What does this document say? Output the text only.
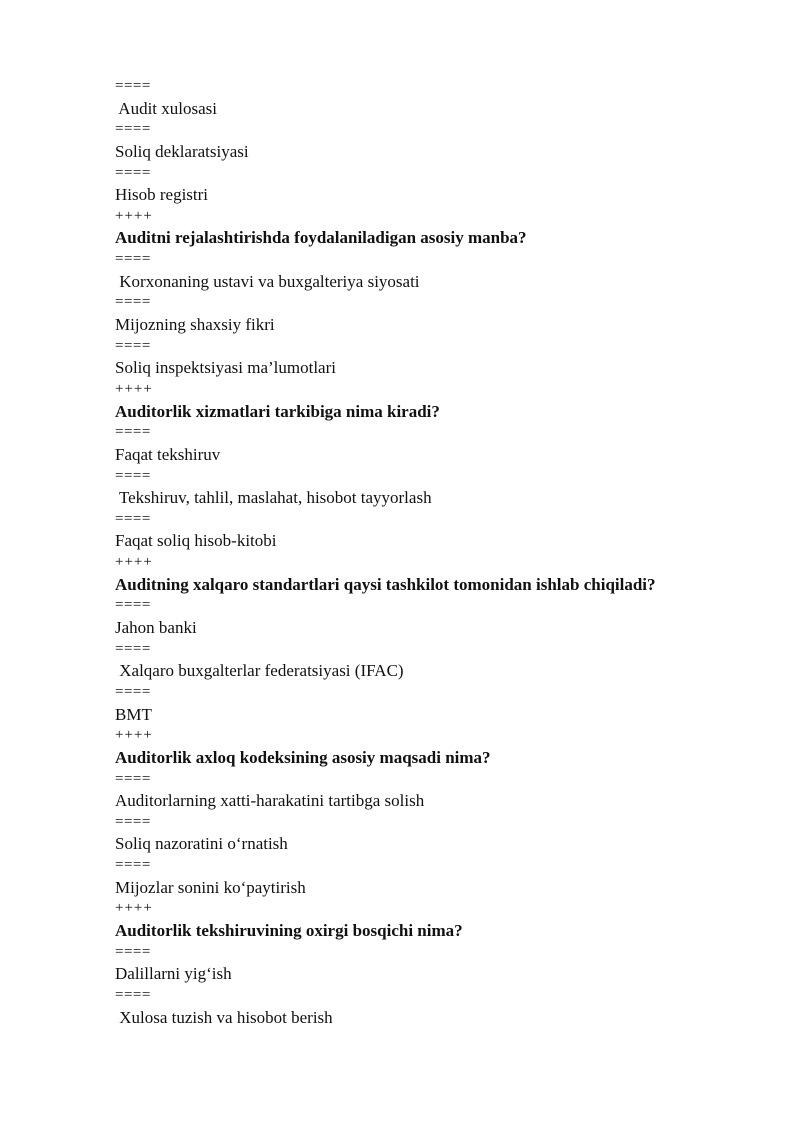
====
Audit xulosasi
====
Soliq deklaratsiyasi
====
Hisob registri
++++
Auditni rejalashtirishda foydalaniladigan asosiy manba?
====
Korxonaning ustavi va buxgalteriya siyosati
====
Mijozning shaxsiy fikri
====
Soliq inspektsiyasi ma’lumotlari
++++
Auditorlik xizmatlari tarkibiga nima kiradi?
====
Faqat tekshiruv
====
Tekshiruv, tahlil, maslahat, hisobot tayyorlash
====
Faqat soliq hisob-kitobi
++++
Auditning xalqaro standartlari qaysi tashkilot tomonidan ishlab chiqiladi?
====
Jahon banki
====
Xalqaro buxgalterlar federatsiyasi (IFAC)
====
BMT
++++
Auditorlik axloq kodeksining asosiy maqsadi nima?
====
Auditorlarning xatti-harakatini tartibga solish
====
Soliq nazoratini o‘rnatish
====
Mijozlar sonini ko‘paytirish
++++
Auditorlik tekshiruvining oxirgi bosqichi nima?
====
Dalillarni yig‘ish
====
Xulosa tuzish va hisobot berish
